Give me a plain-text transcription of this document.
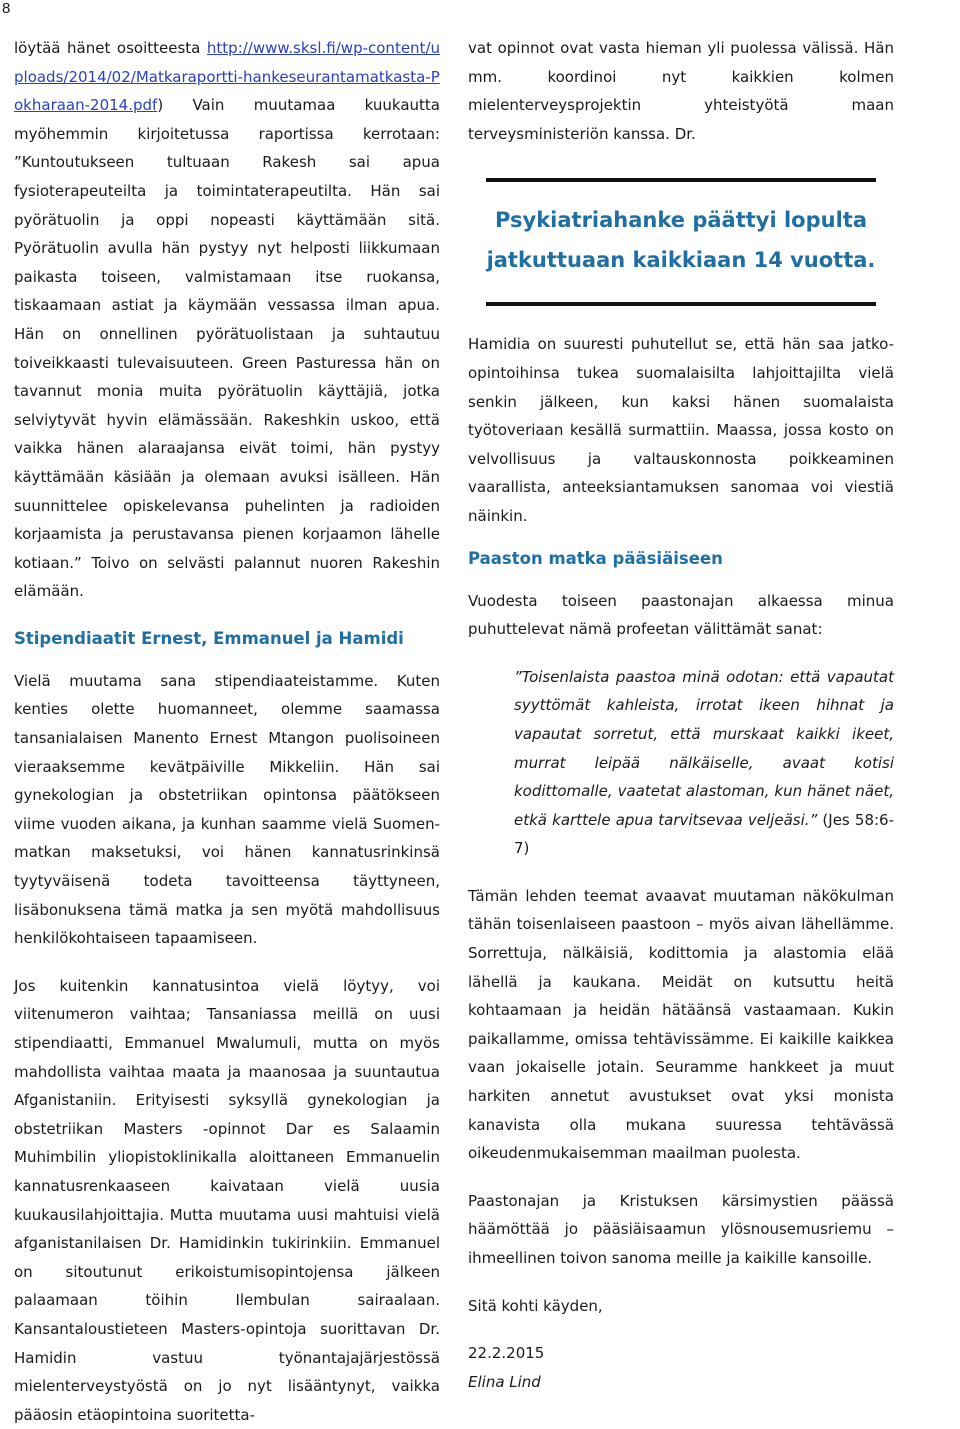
8

löytää hänet osoitteesta http://www.sksl.fi/wp-content/uploads/2014/02/Matkaraportti-hankeseurantamatkasta-Pokharaan-2014.pdf) Vain muutamaa kuukautta myöhemmin kirjoitetussa raportissa kerrotaan: ”Kuntoutukseen tultuaan Rakesh sai apua fysioterapeuteilta ja toimintaterapeutilta. Hän sai pyörätuolin ja oppi nopeasti käyttämään sitä. Pyörätuolin avulla hän pystyy nyt helposti liikkumaan paikasta toiseen, valmistamaan itse ruokansa, tiskaamaan astiat ja käymään vessassa ilman apua. Hän on onnellinen pyörätuolistaan ja suhtautuu toiveikkaasti tulevaisuuteen. Green Pasturessa hän on tavannut monia muita pyörätuolin käyttäjiä, jotka selviytyvät hyvin elämässään. Rakeshkin uskoo, että vaikka hänen alaraajansa eivät toimi, hän pystyy käyttämään käsiään ja olemaan avuksi isälleen. Hän suunnittelee opiskelevansa puhelinten ja radioiden korjaamista ja perustavansa pienen korjaamon lähelle kotiaan.” Toivo on selvästi palannut nuoren Rakeshin elämään.

Stipendiaatit Ernest, Emmanuel ja Hamidi

Vielä muutama sana stipendiaateistamme. Kuten kenties olette huomanneet, olemme saamassa tansanialaisen Manento Ernest Mtangon puolisoineen vieraaksemme kevätpäiville Mikkeliin. Hän sai gynekologian ja obstetriikan opintonsa päätökseen viime vuoden aikana, ja kunhan saamme vielä Suomen-matkan maksetuksi, voi hänen kannatusrinkinsä tyytyväisenä todeta tavoitteensa täyttyneen, lisäbonuksena tämä matka ja sen myötä mahdollisuus henkilökohtaiseen tapaamiseen.

Jos kuitenkin kannatusintoa vielä löytyy, voi viitenumeron vaihtaa; Tansaniassa meillä on uusi stipendiaatti, Emmanuel Mwalumuli, mutta on myös mahdollista vaihtaa maata ja maanosaa ja suuntautua Afganistaniin. Erityisesti syksyllä gynekologian ja obstetriikan Masters -opinnot Dar es Salaamin Muhimbilin yliopistoklinikalla aloittaneen Emmanuelin kannatusrenkaaseen kaivataan vielä uusia kuukausilahjoittajia. Mutta muutama uusi mahtuisi vielä afganistanilaisen Dr. Hamidinkin tukirinkiin. Emmanuel on sitoutunut erikoistumisopintojensa jälkeen palaamaan töihin Ilembulan sairaalaan. Kansantaloustieteen Masters-opintoja suorittavan Dr. Hamidin vastuu työnantajajärjestössä mielenterveystyöstä on jo nyt lisääntynyt, vaikka pääosin etäopintoina suoritetta-

vat opinnot ovat vasta hieman yli puolessa välissä. Hän mm. koordinoi nyt kaikkien kolmen mielenterveysprojektin yhteistyötä maan terveysministeriön kanssa. Dr.

Psykiatriahanke päättyi lopulta
jatkuttuaan kaikkiaan 14 vuotta.

Hamidia on suuresti puhutellut se, että hän saa jatko-opintoihinsa tukea suomalaisilta lahjoittajilta vielä senkin jälkeen, kun kaksi hänen suomalaista työtoveriaan kesällä surmattiin. Maassa, jossa kosto on velvollisuus ja valtauskonnosta poikkeaminen vaarallista, anteeksiantamuksen sanomaa voi viestiä näinkin.

Paaston matka pääsiäiseen

Vuodesta toiseen paastonajan alkaessa minua puhuttelevat nämä profeetan välittämät sanat:

”Toisenlaista paastoa minä odotan: että vapautat syyttömät kahleista, irrotat ikeen hihnat ja vapautat sorretut, että murskaat kaikki ikeet, murrat leipää nälkäiselle, avaat kotisi kodittomalle, vaatetat alastoman, kun hänet näet, etkä karttele apua tarvitsevaa veljeäsi.” (Jes 58:6-7)

Tämän lehden teemat avaavat muutaman näkökulman tähän toisenlaiseen paastoon – myös aivan lähellämme. Sorrettuja, nälkäisiä, kodittomia ja alastomia elää lähellä ja kaukana. Meidät on kutsuttu heitä kohtaamaan ja heidän hätäänsä vastaamaan. Kukin paikallamme, omissa tehtävissämme. Ei kaikille kaikkea vaan jokaiselle jotain. Seuramme hankkeet ja muut harkiten annetut avustukset ovat yksi monista kanavista olla mukana suuressa tehtävässä oikeudenmukaisemman maailman puolesta.

Paastonajan ja Kristuksen kärsimystien päässä häämöttää jo pääsiäisaamun ylösnousemusriemu – ihmeellinen toivon sanoma meille ja kaikille kansoille.

Sitä kohti käyden,

22.2.2015

Elina Lind
